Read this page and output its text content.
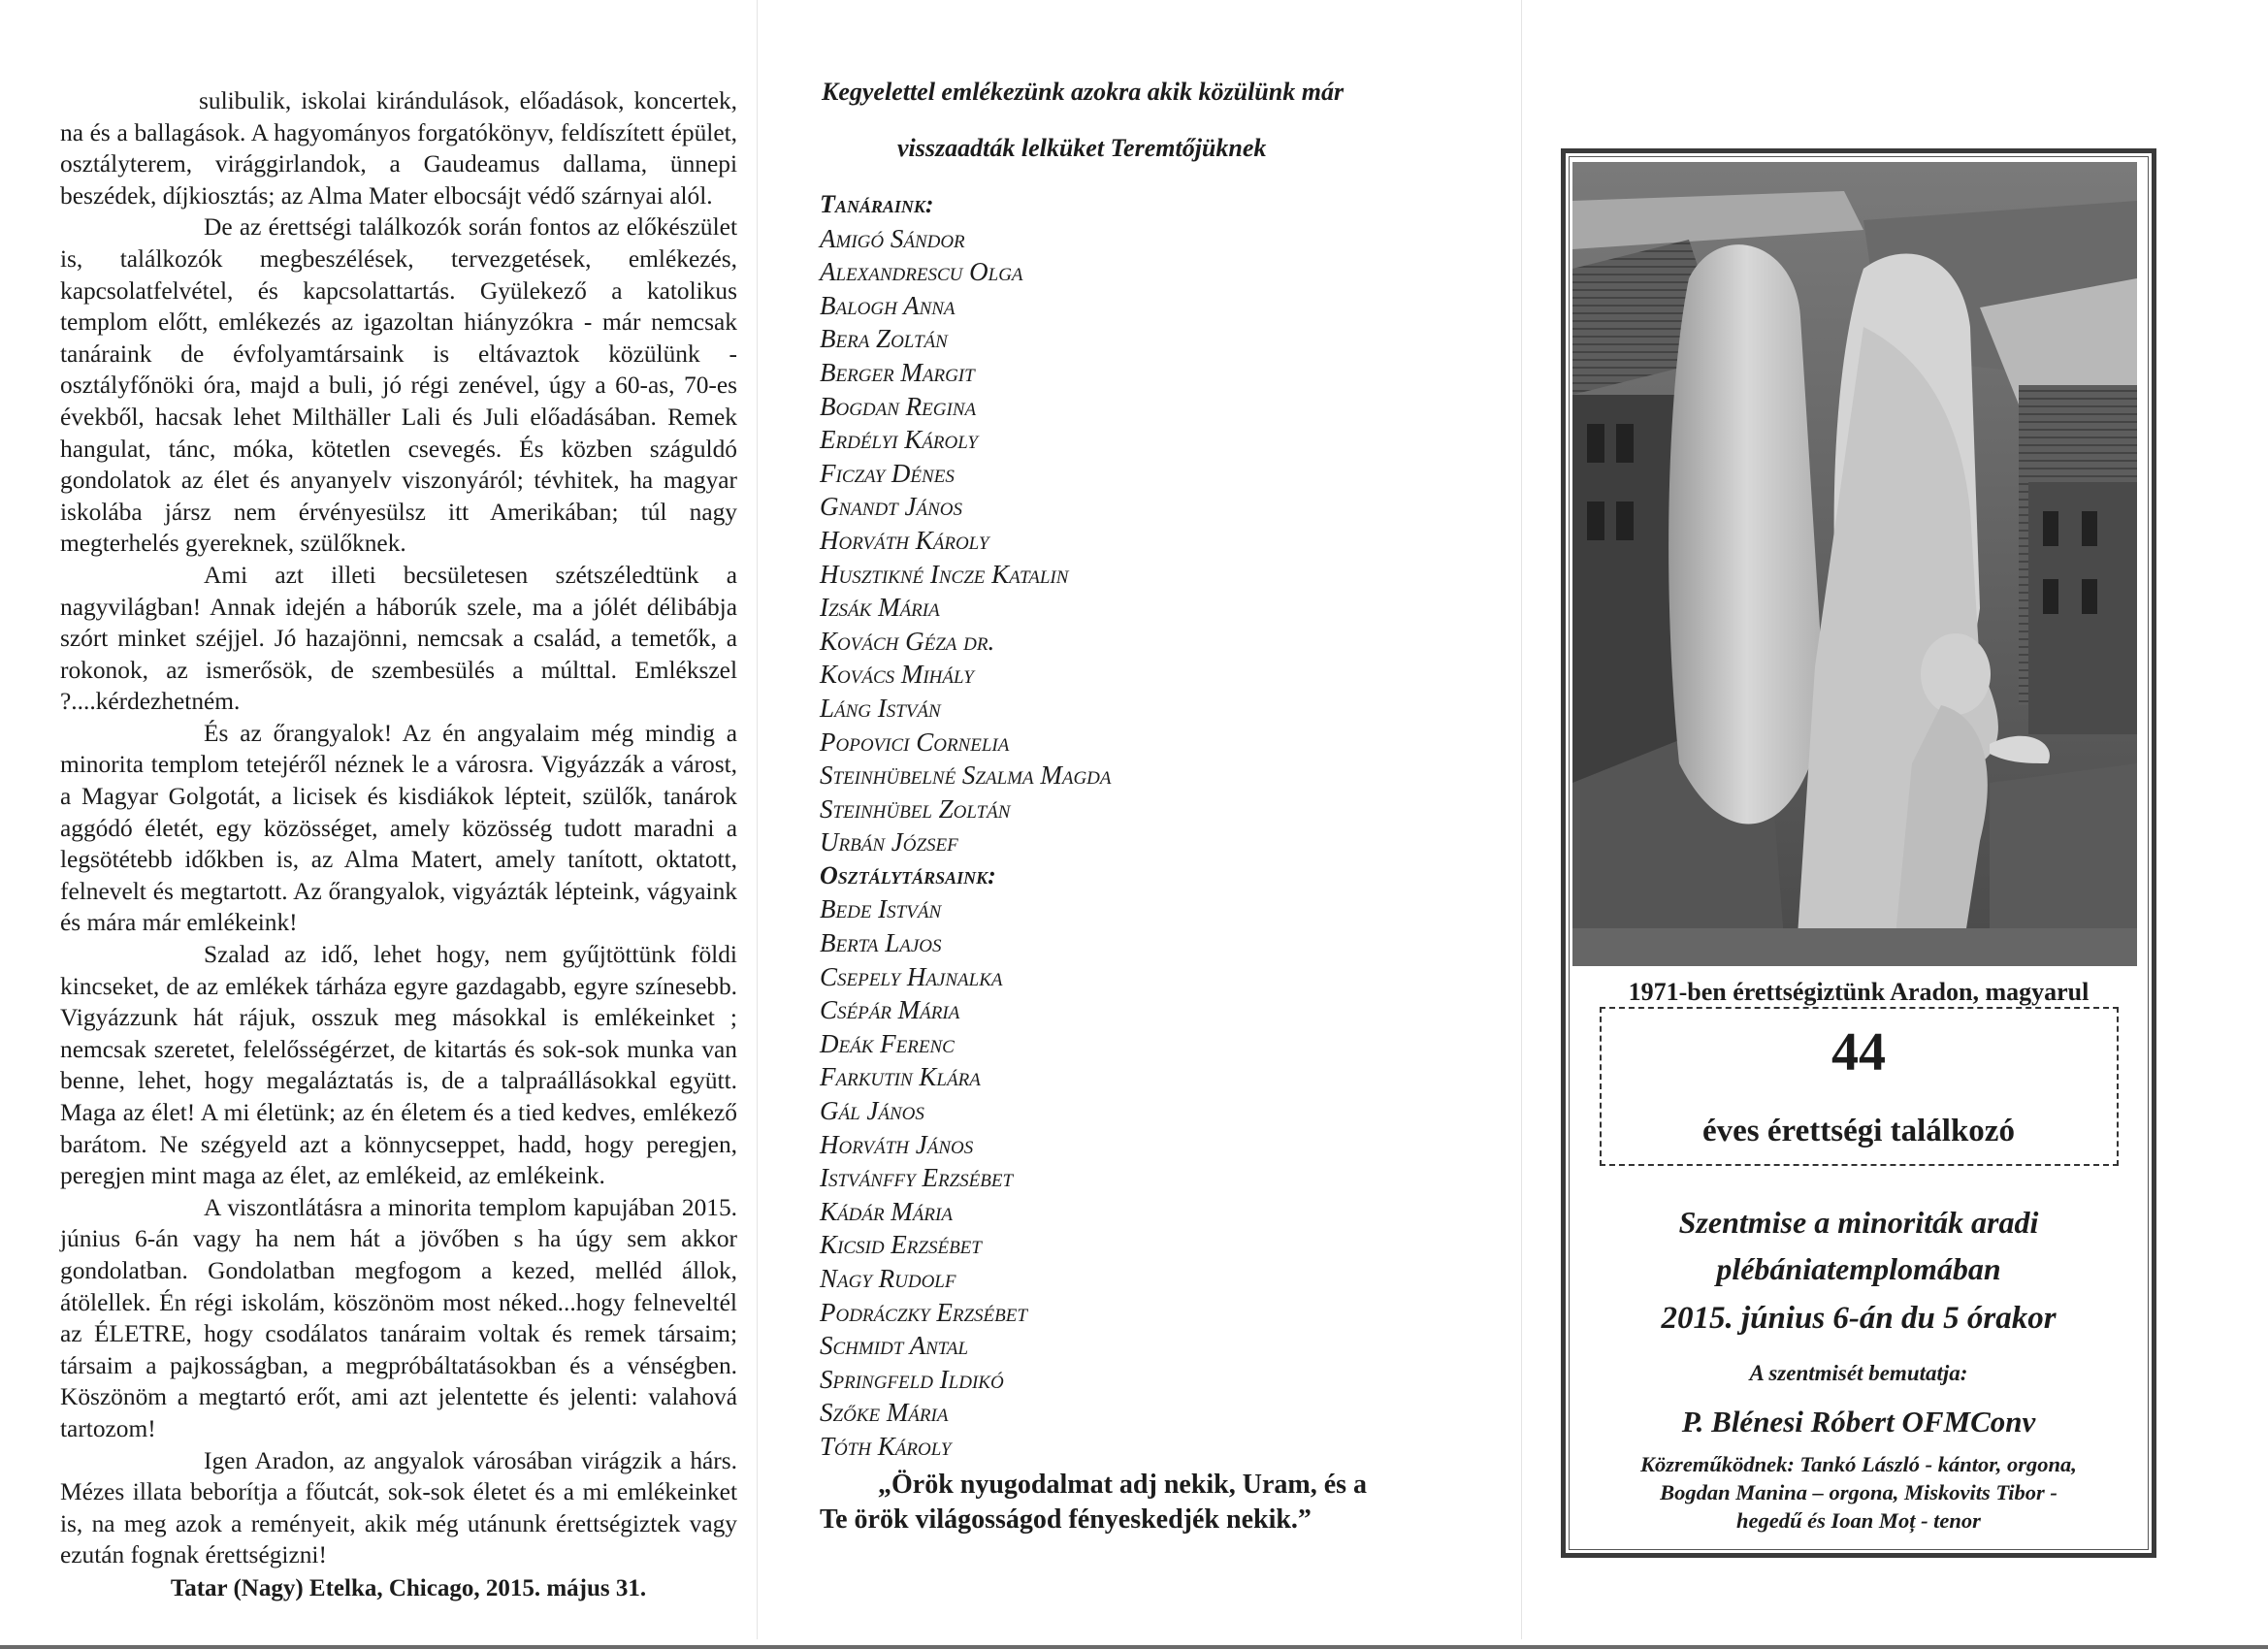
sulibulik, iskolai kirándulások, előadások, koncertek, na és a ballagások. A hagyományos forgatókönyv, feldíszített épület, osztályterem, virággirlandok, a Gaudeamus dallama, ünnepi beszédek, díjkiosztás; az Alma Mater elbocsájt védő szárnyai alól.

De az érettségi találkozók során fontos az előkészület is, találkozók megbeszélések, tervezgetések, emlékezés, kapcsolatfelvétel, és kapcsolattartás. Gyülekező a katolikus templom előtt, emlékezés az igazoltan hiányzókra - már nemcsak tanáraink de évfolyamtársaink is eltávaztok közülünk - osztályfőnöki óra, majd a buli, jó régi zenével, úgy a 60-as, 70-es évekből, hacsak lehet Milthäller Lali és Juli előadásában. Remek hangulat, tánc, móka, kötetlen csevegés. És közben száguldó gondolatok az élet és anyanyelv viszonyáról; tévhitek, ha magyar iskolába jársz nem érvényesülsz itt Amerikában; túl nagy megterhelés gyereknek, szülőknek.

Ami azt illeti becsületesen szétszéledtünk a nagyvilágban! Annak idején a háborúk szele, ma a jólét délibábja szórt minket széjjel. Jó hazajönni, nemcsak a család, a temetők, a rokonok, az ismerősök, de szembesülés a múlttal. Emlékszel ?....kérdezhetném.

És az őrangyalok! Az én angyalaim még mindig a minorita templom tetejéről néznek le a városra. Vigyázzák a várost, a Magyar Golgotát, a licisek és kisdiákok lépteit, szülők, tanárok aggódó életét, egy közösséget, amely közösség tudott maradni a legsötétebb időkben is, az Alma Matert, amely tanított, oktatott, felnevelt és megtartott. Az őrangyalok, vigyázták lépteink, vágyaink és mára már emlékeink!

Szalad az idő, lehet hogy, nem gyűjtöttünk földi kincseket, de az emlékek tárháza egyre gazdagabb, egyre színesebb. Vigyázzunk hát rájuk, osszuk meg másokkal is emlékeinket ; nemcsak szeretet, felelősségérzet, de kitartás és sok-sok munka van benne, lehet, hogy megaláztatás is, de a talpraállásokkal együtt. Maga az élet! A mi életünk; az én életem és a tied kedves, emlékező barátom. Ne szégyeld azt a könnycseppet, hadd, hogy peregjen, peregjen mint maga az élet, az emlékeid, az emlékeink.

A viszontlátásra a minorita templom kapujában 2015. június 6-án vagy ha nem hát a jövőben s ha úgy sem akkor gondolatban. Gondolatban megfogom a kezed, melléd állok, átölellek. Én régi iskolám, köszönöm most néked...hogy felneveltél az ÉLETRE, hogy csodálatos tanáraim voltak és remek társaim; társaim a pajkosságban, a megpróbáltatásokban és a vénségben. Köszönöm a megtartó erőt, ami azt jelentette és jelenti: valahová tartozom!

Igen Aradon, az angyalok városában virágzik a hárs. Mézes illata beborítja a főutcát, sok-sok életet és a mi emlékeinket is, na meg azok a reményeit, akik még utánunk érettségiztek vagy ezután fognak érettségizni!

Tatar (Nagy) Etelka, Chicago, 2015. május 31.

Kegyelettel emlékezünk azokra akik közülünk már

visszaadták lelküket Teremtőjüknek

Tanáraink:
Amigó Sándor
Alexandrescu Olga
Balogh Anna
Bera Zoltán
Berger Margit
Bogdan Regina
Erdélyi Károly
Ficzay Dénes
Gnandt János
Horváth Károly
Husztikné Incze Katalin
Izsák Mária
Kovách Géza dr.
Kovács Mihály
Láng István
Popovici Cornelia
Steinhübelné Szalma Magda
Steinhübel Zoltán
Urbán József
Osztálytársaink:
Bede István
Berta Lajos
Csepely Hajnalka
Csépár Mária
Deák Ferenc
Farkutin Klára
Gál János
Horváth János
Istvánffy Erzsébet
Kádár Mária
Kicsid Erzsébet
Nagy Rudolf
Podráczky Erzsébet
Schmidt Antal
Springfeld Ildikó
Szőke Mária
Tóth Károly
„Örök nyugodalmat adj nekik, Uram, és a
Te örök világosságod fényeskedjék nekik.”
1971-ben érettségiztünk Aradon, magyarul
44
éves érettségi találkozó
Szentmise a minoriták aradi
plébániatemplomában
2015. június 6-án du 5 órakor
A szentmisét bemutatja:
P. Blénesi Róbert OFMConv
Közreműködnek: Tankó László - kántor, orgona,
Bogdan Manina – orgona, Miskovits Tibor -
hegedű és Ioan Moț - tenor
